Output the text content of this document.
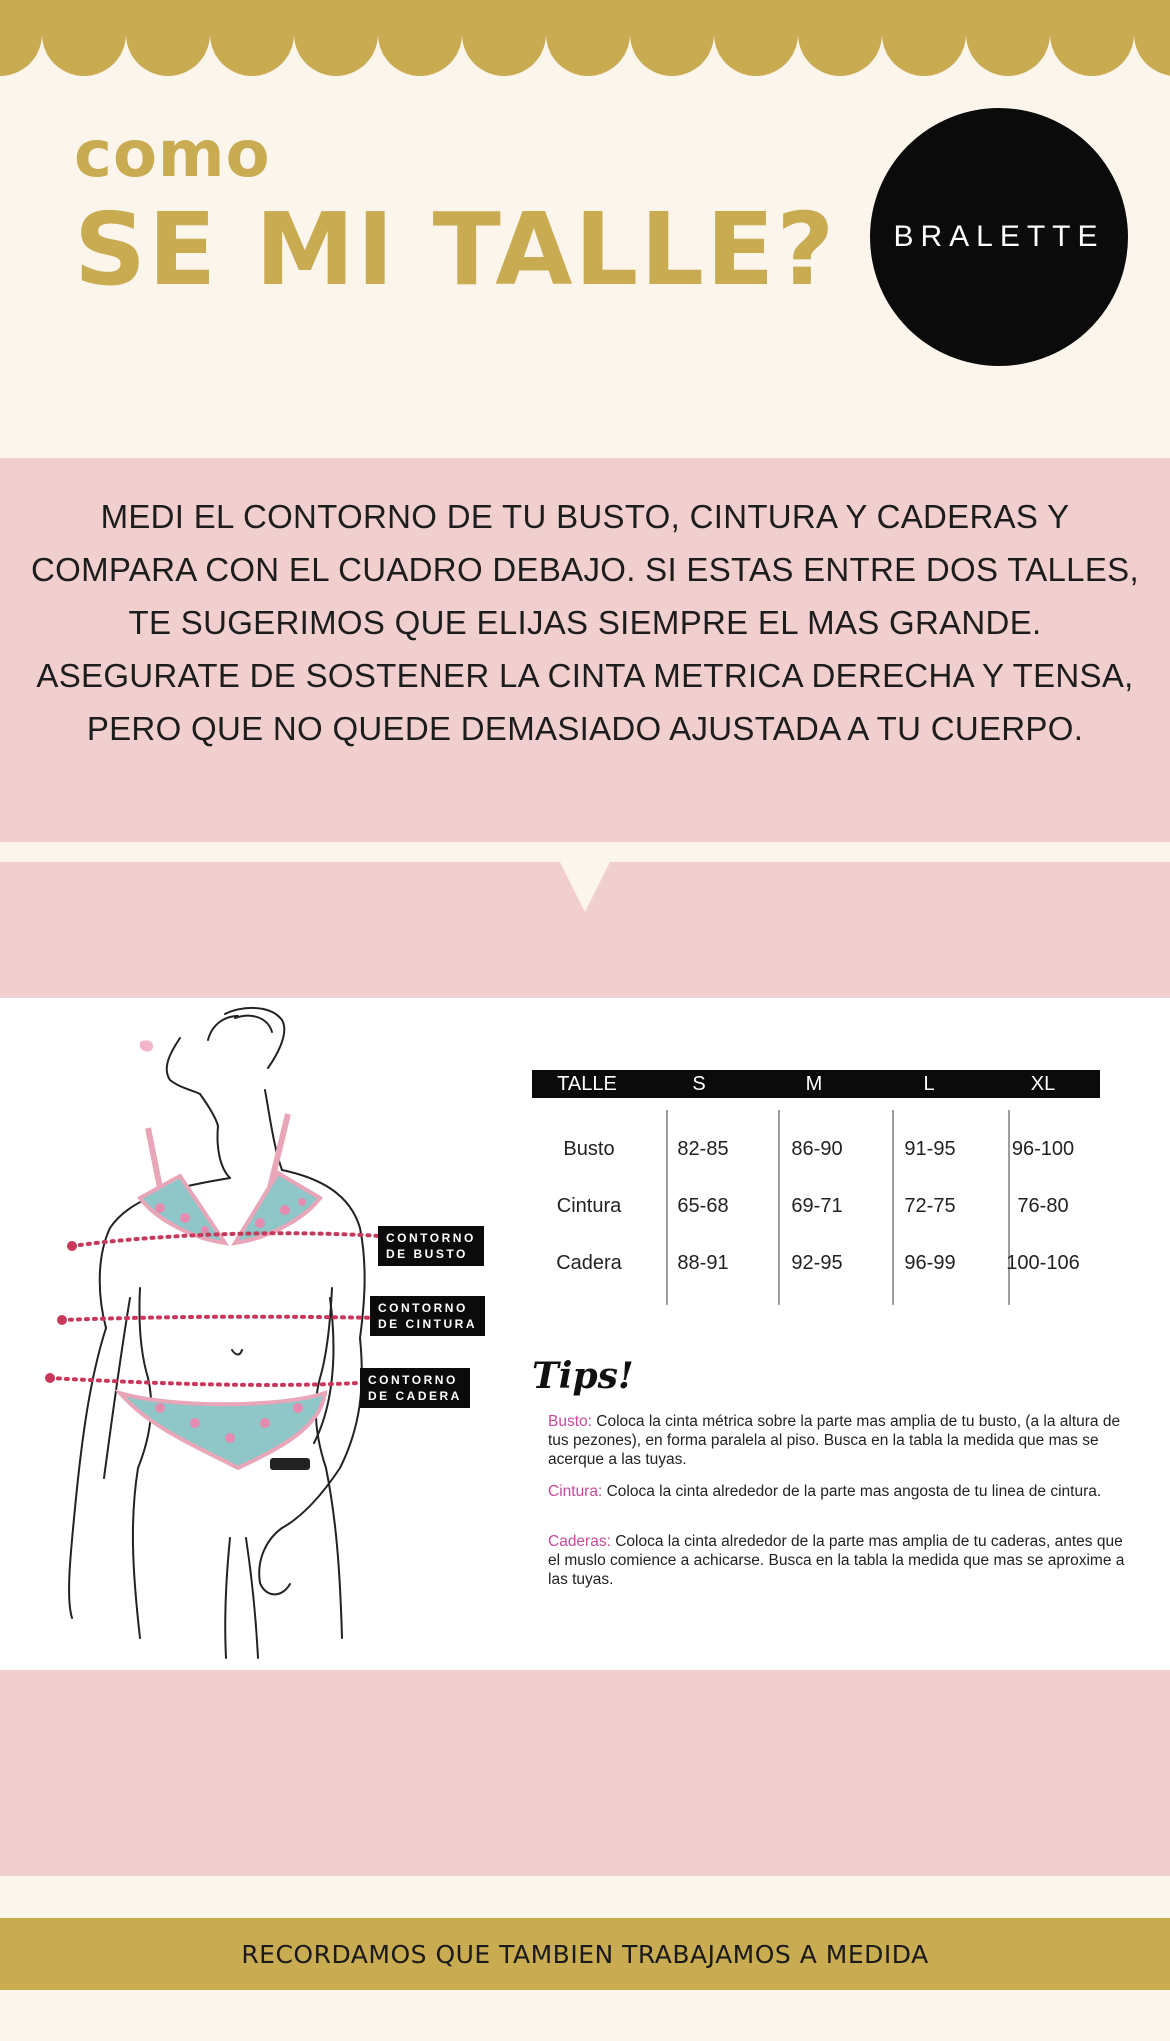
como
SE MI TALLE? BRALETTE

MEDI EL CONTORNO DE TU BUSTO, CINTURA Y CADERAS Y COMPARA CON EL CUADRO DEBAJO. SI ESTAS ENTRE DOS TALLES, TE SUGERIMOS QUE ELIJAS SIEMPRE EL MAS GRANDE. ASEGURATE DE SOSTENER LA CINTA METRICA DERECHA Y TENSA, PERO QUE NO QUEDE DEMASIADO AJUSTADA A TU CUERPO.

CONTORNO
DE BUSTO
CONTORNO
DE CINTURA
CONTORNO
DE CADERA
TALLE	S	M	L	XL
Busto	82-85	86-90	91-95	96-100
Cintura	65-68	69-71	72-75	76-80
Cadera	88-91	92-95	96-99	100-106
Tips!

Busto: Coloca la cinta métrica sobre la parte mas amplia de tu busto, (a la altura de tus pezones), en forma paralela al piso. Busca en la tabla la medida que mas se acerque a las tuyas.

Cintura: Coloca la cinta alrededor de la parte mas angosta de tu linea de cintura.

Caderas: Coloca la cinta alrededor de la parte mas amplia de tu caderas, antes que el muslo comience a achicarse. Busca en la tabla la medida que mas se aproxime a las tuyas.

RECORDAMOS QUE TAMBIEN TRABAJAMOS A MEDIDA
